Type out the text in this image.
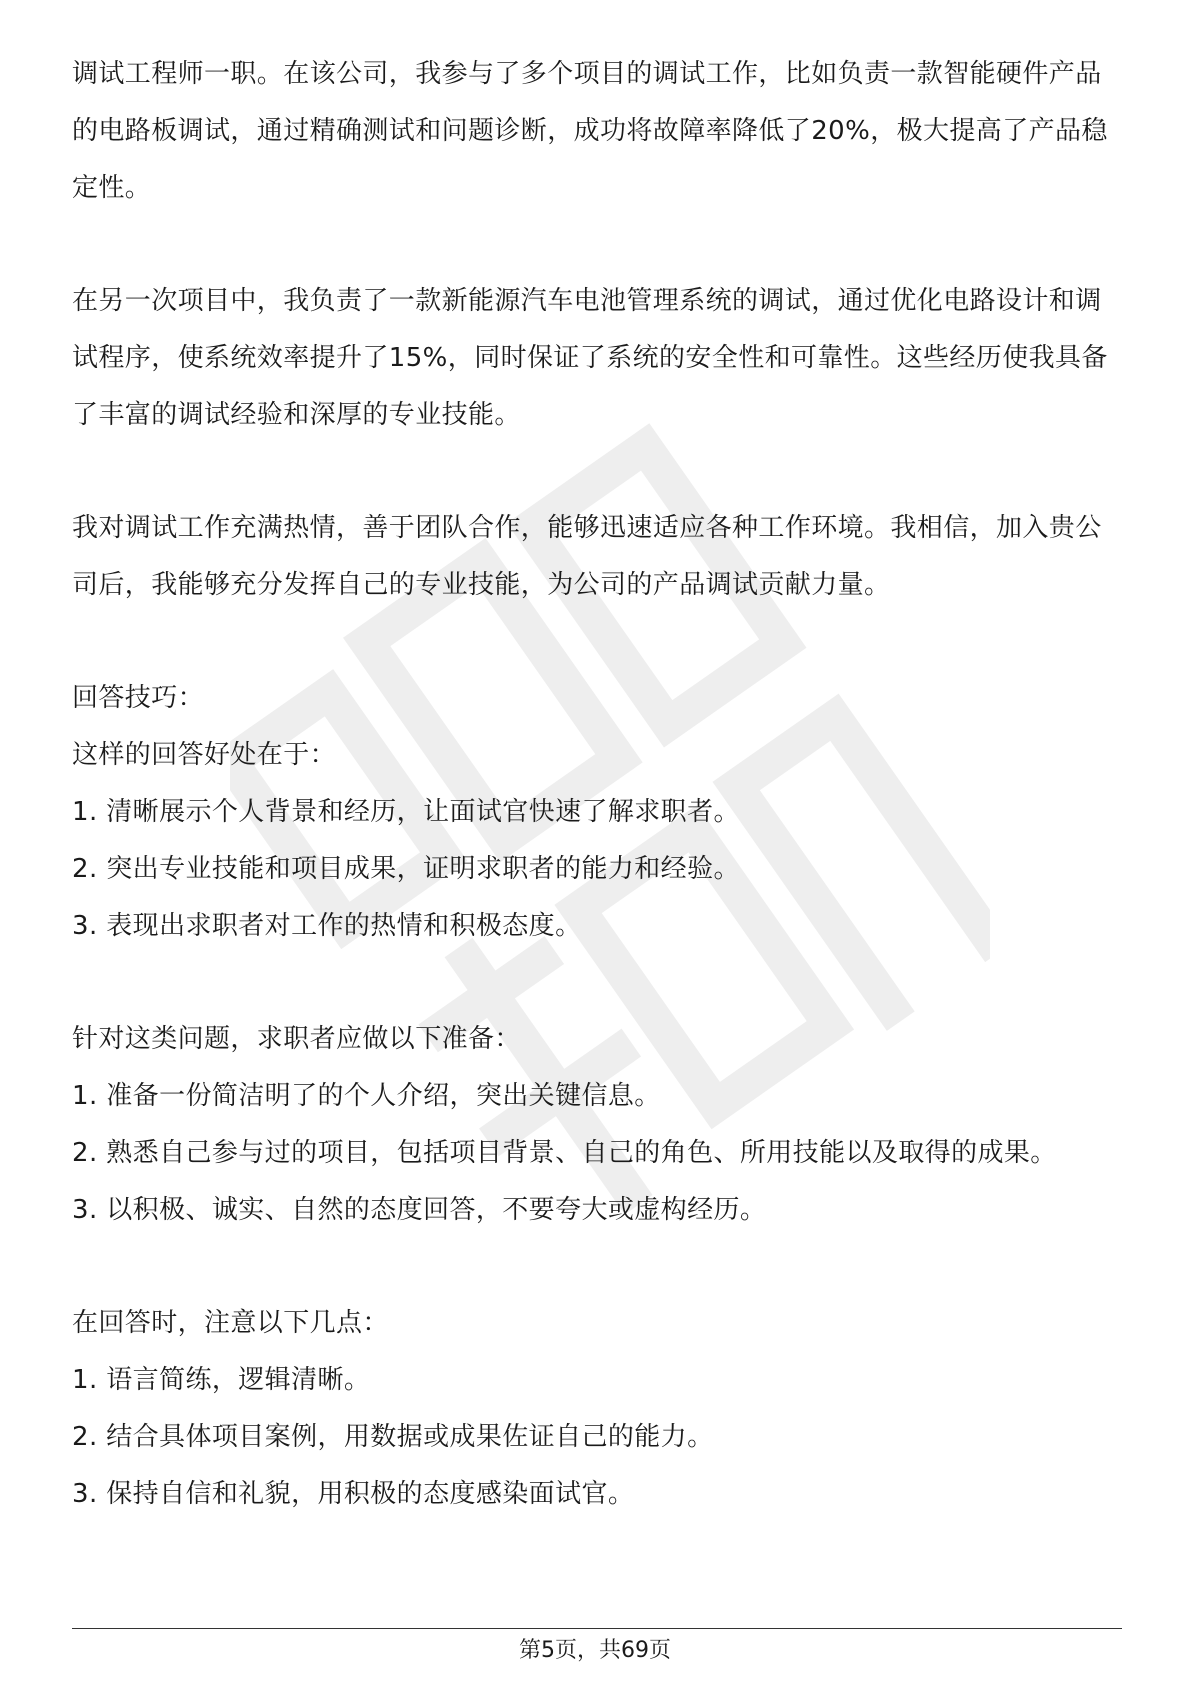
调试工程师一职。在该公司，我参与了多个项目的调试工作，比如负责一款智能硬件产品的电路板调试，通过精确测试和问题诊断，成功将故障率降低了20%，极大提高了产品稳定性。

在另一次项目中，我负责了一款新能源汽车电池管理系统的调试，通过优化电路设计和调试程序，使系统效率提升了15%，同时保证了系统的安全性和可靠性。这些经历使我具备了丰富的调试经验和深厚的专业技能。

我对调试工作充满热情，善于团队合作，能够迅速适应各种工作环境。我相信，加入贵公司后，我能够充分发挥自己的专业技能，为公司的产品调试贡献力量。

回答技巧：
这样的回答好处在于：
1. 清晰展示个人背景和经历，让面试官快速了解求职者。
2. 突出专业技能和项目成果，证明求职者的能力和经验。
3. 表现出求职者对工作的热情和积极态度。
针对这类问题，求职者应做以下准备：
1. 准备一份简洁明了的个人介绍，突出关键信息。
2. 熟悉自己参与过的项目，包括项目背景、自己的角色、所用技能以及取得的成果。
3. 以积极、诚实、自然的态度回答，不要夸大或虚构经历。
在回答时，注意以下几点：
1. 语言简练，逻辑清晰。
2. 结合具体项目案例，用数据或成果佐证自己的能力。
3. 保持自信和礼貌，用积极的态度感染面试官。
第5页，共69页
